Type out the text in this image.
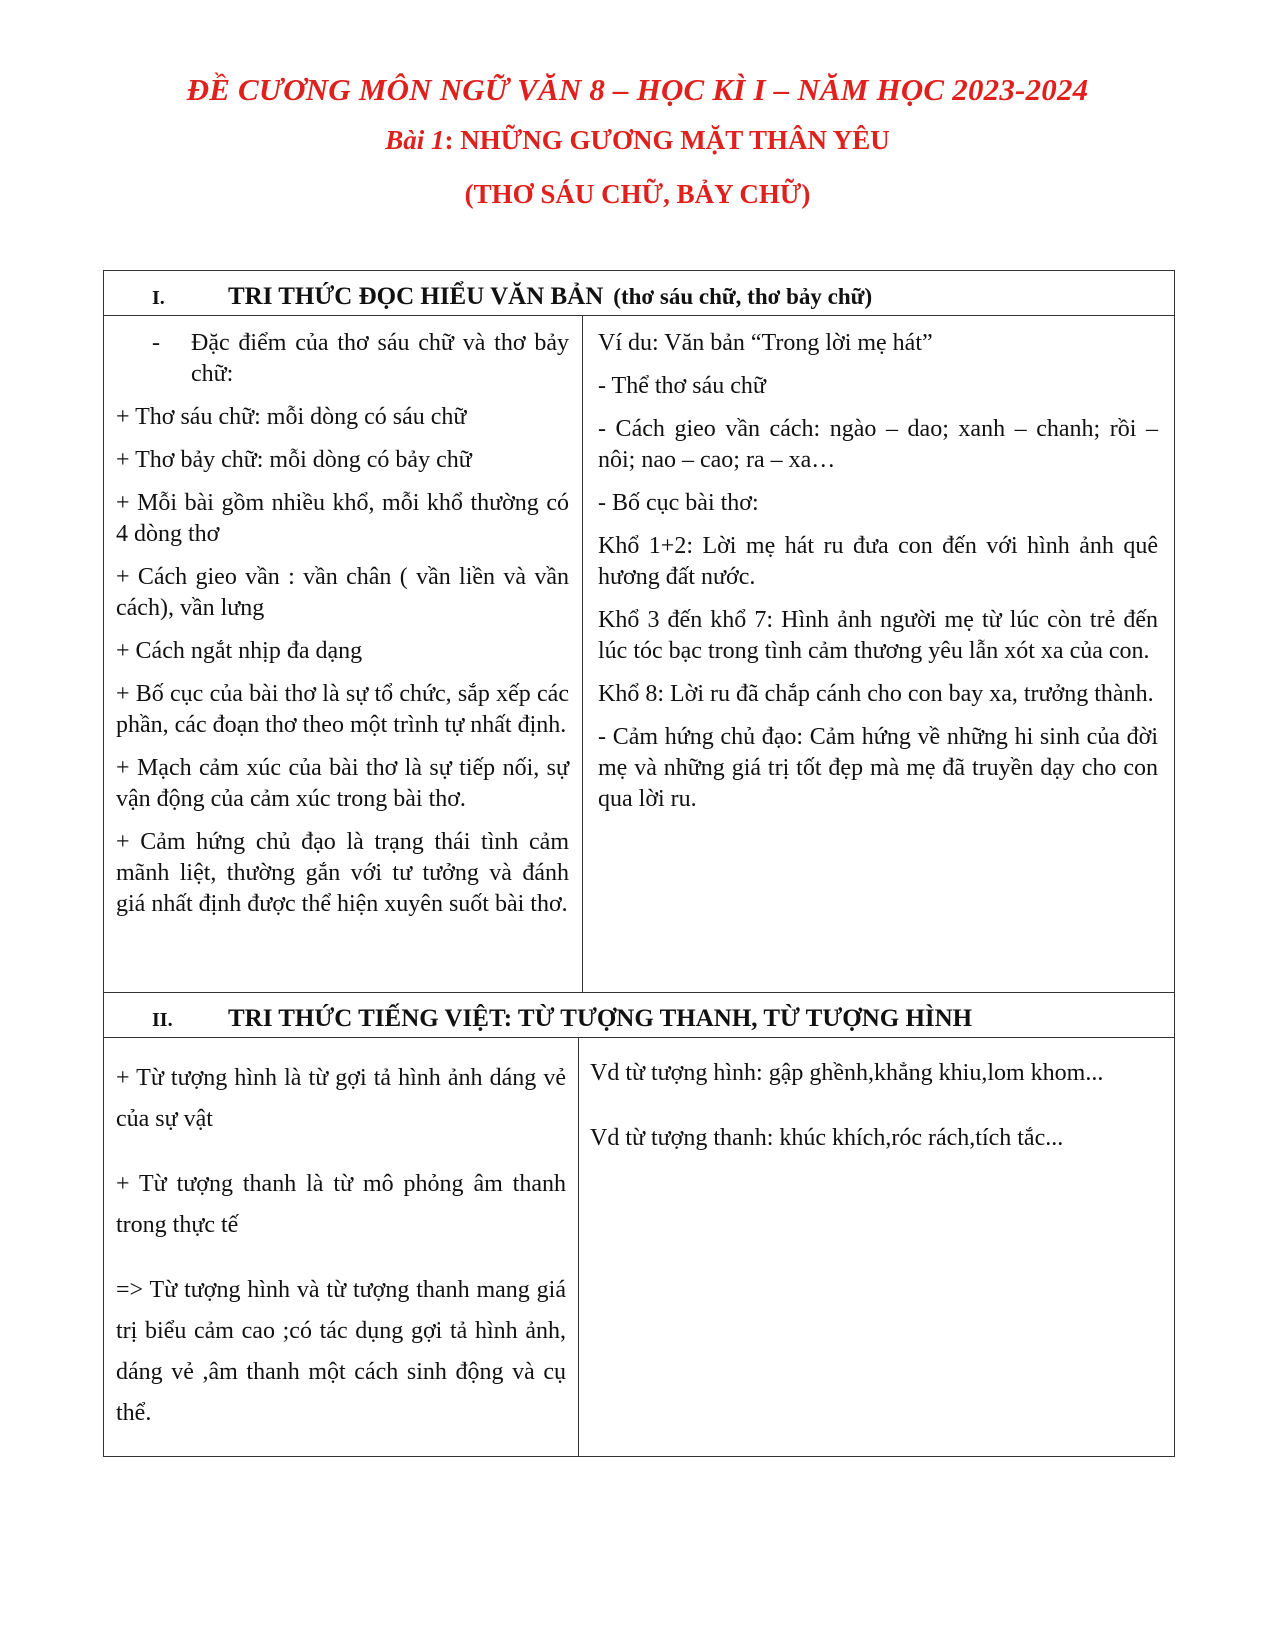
ĐỀ CƯƠNG MÔN NGỮ VĂN 8 – HỌC KÌ I – NĂM HỌC 2023-2024
Bài 1: NHỮNG GƯƠNG MẶT THÂN YÊU
(THƠ SÁU CHỮ, BẢY CHỮ)
I.	TRI THỨC ĐỌC HIỂU VĂN BẢN (thơ sáu chữ, thơ bảy chữ)

- Đặc điểm của thơ sáu chữ và thơ bảy chữ:

+ Thơ sáu chữ: mỗi dòng có sáu chữ

+ Thơ bảy chữ: mỗi dòng có bảy chữ

+ Mỗi bài gồm nhiều khổ, mỗi khổ thường có 4 dòng thơ

+ Cách gieo vần : vần chân ( vần liền và vần cách), vần lưng

+ Cách ngắt nhịp đa dạng

+ Bố cục của bài thơ là sự tổ chức, sắp xếp các phần, các đoạn thơ theo một trình tự nhất định.

+ Mạch cảm xúc của bài thơ là sự tiếp nối, sự vận động của cảm xúc trong bài thơ.

+ Cảm hứng chủ đạo là trạng thái tình cảm mãnh liệt, thường gắn với tư tưởng và đánh giá nhất định được thể hiện xuyên suốt bài thơ.

Ví du: Văn bản “Trong lời mẹ hát”

- Thể thơ sáu chữ

- Cách gieo vần cách: ngào – dao; xanh – chanh; rồi – nôi; nao – cao; ra – xa…

- Bố cục bài thơ:

Khổ 1+2: Lời mẹ hát ru đưa con đến với hình ảnh quê hương đất nước.

Khổ 3 đến khổ 7: Hình ảnh người mẹ từ lúc còn trẻ đến lúc tóc bạc trong tình cảm thương yêu lẫn xót xa của con.

Khổ 8: Lời ru đã chắp cánh cho con bay xa, trưởng thành.

- Cảm hứng chủ đạo: Cảm hứng về những hi sinh của đời mẹ và những giá trị tốt đẹp mà mẹ đã truyền dạy cho con qua lời ru.

II. TRI THỨC TIẾNG VIỆT: TỪ TƯỢNG THANH, TỪ TƯỢNG HÌNH

+ Từ tượng hình là từ gợi tả hình ảnh dáng vẻ của sự vật

+ Từ tượng thanh là từ mô phỏng âm thanh trong thực tế

=> Từ tượng hình và từ tượng thanh mang giá trị biểu cảm cao ;có tác dụng gợi tả hình ảnh, dáng vẻ ,âm thanh một cách sinh động và cụ thể.

Vd từ tượng hình: gập ghềnh,khẳng khiu,lom khom...

Vd từ tượng thanh: khúc khích,róc rách,tích tắc...
